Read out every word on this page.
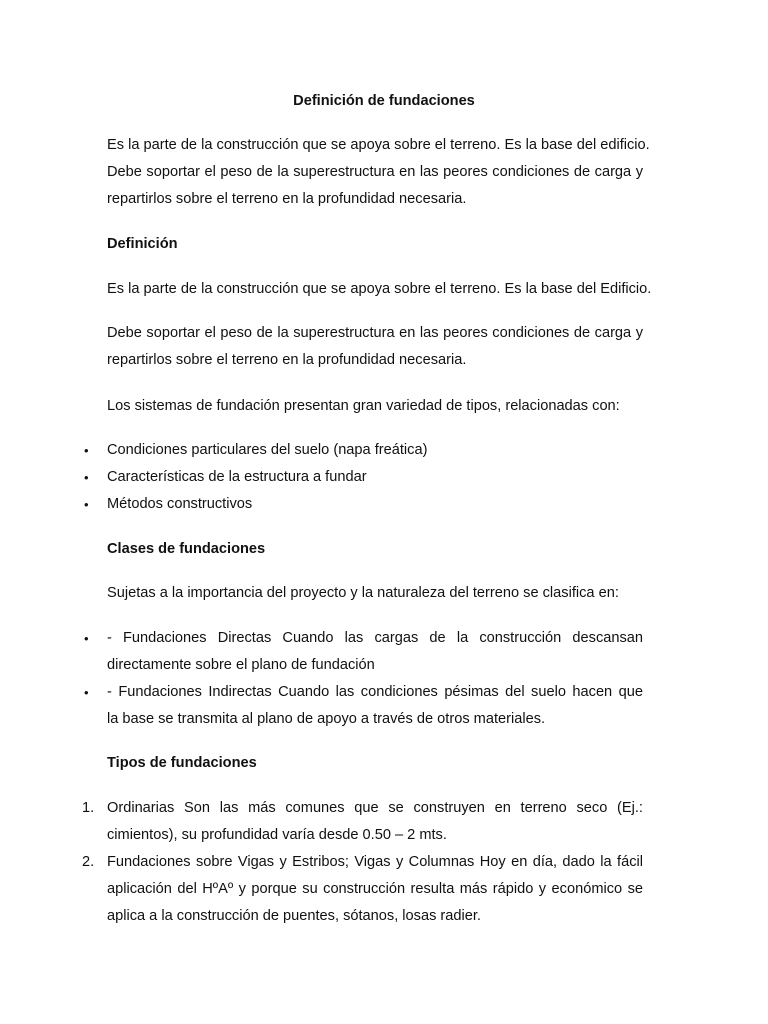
Definición de fundaciones
Es la parte de la construcción que se apoya sobre el terreno. Es la base del edificio.
Debe soportar el peso de la superestructura en las peores condiciones de carga y
repartirlos sobre el terreno en la profundidad necesaria.
Definición
Es la parte de la construcción que se apoya sobre el terreno. Es la base del Edificio.
Debe soportar el peso de la superestructura en las peores condiciones de carga y
repartirlos sobre el terreno en la profundidad necesaria.
Los sistemas de fundación presentan gran variedad de tipos, relacionadas con:
• Condiciones particulares del suelo (napa freática)
• Características de la estructura a fundar
• Métodos constructivos
Clases de fundaciones
Sujetas a la importancia del proyecto y la naturaleza del terreno se clasifica en:
• - Fundaciones Directas Cuando las cargas de la construcción descansan
directamente sobre el plano de fundación
• - Fundaciones Indirectas Cuando las condiciones pésimas del suelo hacen que
la base se transmita al plano de apoyo a través de otros materiales.
Tipos de fundaciones
1. Ordinarias Son las más comunes que se construyen en terreno seco (Ej.:
cimientos), su profundidad varía desde 0.50 – 2 mts.
2. Fundaciones sobre Vigas y Estribos; Vigas y Columnas Hoy en día, dado la fácil
aplicación del HºAº y porque su construcción resulta más rápido y económico se
aplica a la construcción de puentes, sótanos, losas radier.
